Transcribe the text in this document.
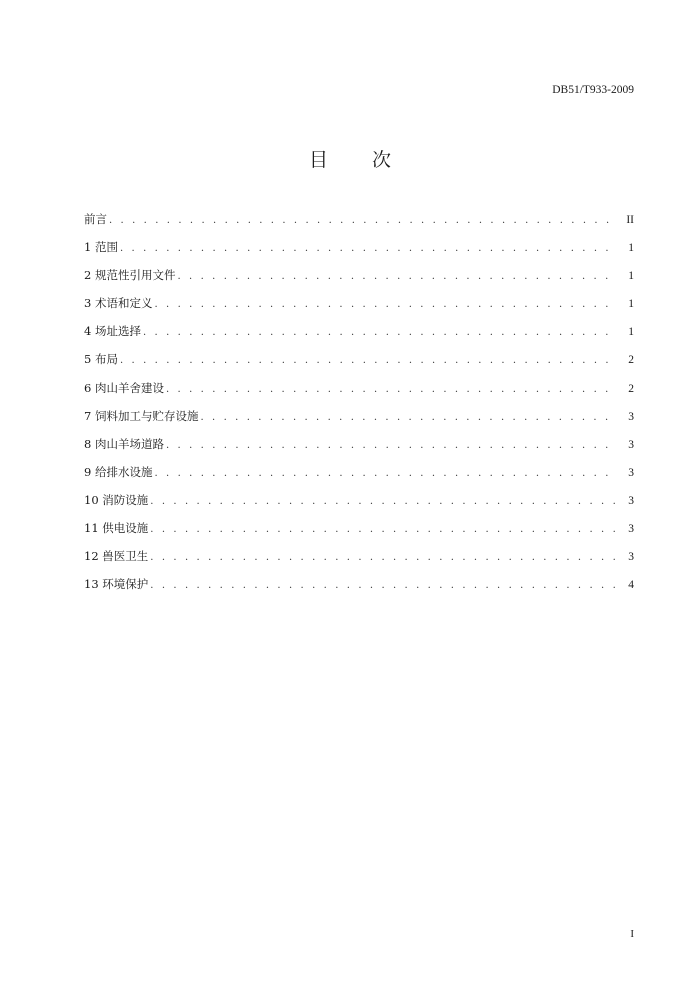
DB51/T933-2009
目 次
前言 . . .	II
1 范围 . . .	1
2 规范性引用文件 . . .	1
3 术语和定义 . . .	1
4 场址选择 . . .	1
5 布局 . . .	2
6 肉山羊舍建设 . . .	2
7 饲料加工与贮存设施 . . .	3
8 肉山羊场道路 . . .	3
9 给排水设施 . . .	3
10 消防设施 . . .	3
11 供电设施 . . .	3
12 兽医卫生 . . .	3
13 环境保护 . . .	4
I
